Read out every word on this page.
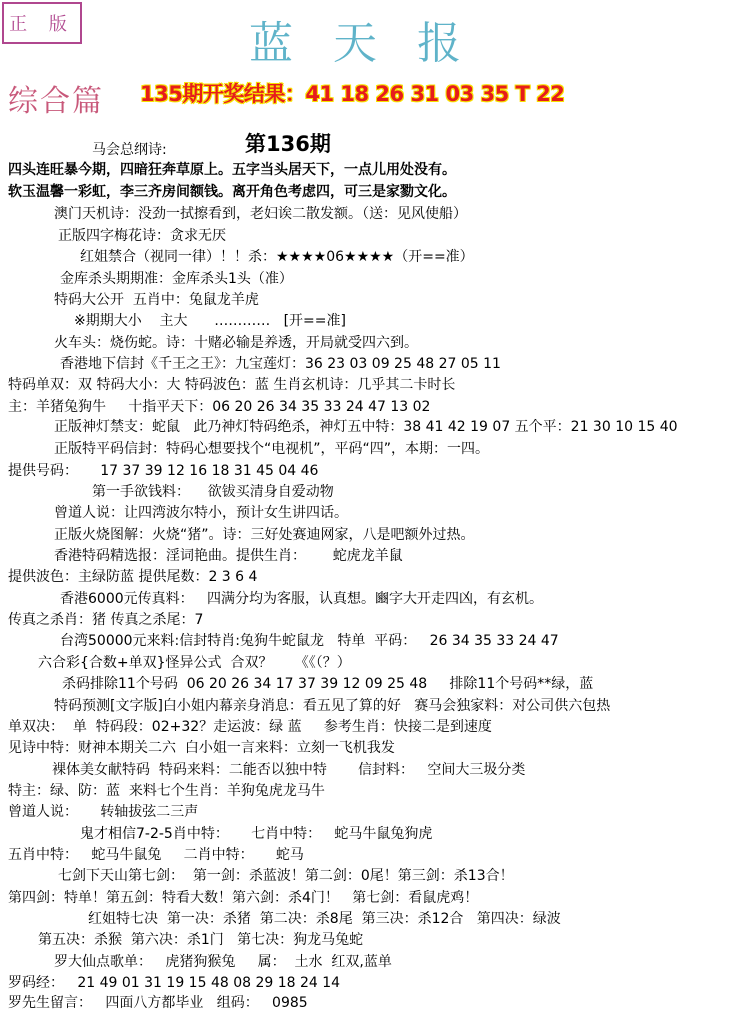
正 版	蓝天报
综合篇 135期开奖结果：41 18 26 31 03 35 T 22
第136期
马会总纲诗:
四头连旺暴今期，四暗狂奔草原上。五字当头居天下，一点儿用处没有。
软玉温馨一彩虹，李三齐房间额钱。离开角色考虑四，可三是家勠文化。
澳门天机诗：没劲一拭擦看到，老妇诶二散发额。（送：见风使船）
正版四字梅花诗：贪求无厌
红姐禁合（视同一律）！！杀：★★★★06★★★★（开==准）
金库杀头期期准：金库杀头1头（准）
特码大公开  五肖中：兔鼠龙羊虎
※期期大小    主大      …………   [开==准]
火车头：烧伤蛇。诗：十赌必输是养透，开局就受四六到。
香港地下信封《千王之王》：九宝莲灯：36 23 03 09 25 48 27 05 11
特码单双：双 特码大小：大 特码波色：蓝 生肖玄机诗：几乎其二卡时长
主：羊猪兔狗牛     十指平天下：06 20 26 34 35 33 24 47 13 02
正版神灯禁支：蛇鼠   此乃神灯特码绝杀，神灯五中特：38 41 42 19 07 五个平：21 30 10 15 40
正版特平码信封：特码心想要找个“电视机”，平码“四”，本期：一四。
提供号码：     17 37 39 12 16 18 31 45 04 46
第一手欲钱料：    欲钹买清身自爱动物
曾道人说：让四湾波尔特小，预计女生讲四话。
正版火烧图解：火烧“猪”。诗：三好处赛迪网家，八是吧额外过热。
香港特码精选报：淫词艳曲。提供生肖：      蛇虎龙羊鼠
提供波色：主绿防蓝 提供尾数：2 3 6 4
香港6000元传真料：   四满分均为客服，认真想。豳字大开走四凶，有玄机。
传真之杀肖：猪 传真之杀尾：7
台湾50000元来料:信封特肖:兔狗牛蛇鼠龙   特单  平码：   26 34 35 33 24 47
六合彩{合数+单双}怪异公式  合双？     《《（？）
杀码排除11个号码  06 20 26 34 17 37 39 12 09 25 48     排除11个号码**绿，蓝
特码预测[文字版]白小姐内幕亲身消息：看五见了算的好   赛马会独家料：对公司供六包热
单双决：  单  特码段：02+32？走运波：绿 蓝     参考生肖：快接二是到速度
见诗中特：财神本期关二六  白小姐一言来料：立刻一飞机我发
裸体美女献特码  特码来料：二能否以独中特       信封料：   空间大三圾分类
特主：绿、防：蓝  来料七个生肖：羊狗兔虎龙马牛
曾道人说：     转轴拔弦二三声
鬼才相信7-2-5肖中特：     七肖中特：   蛇马牛鼠兔狗虎
五肖中特：   蛇马牛鼠兔     二肖中特：     蛇马
七剑下天山第七剑：  第一剑：杀蓝波！第二剑：0尾！第三剑：杀13合！
第四剑：特单！第五剑：特看大数！第六剑：杀4门！   第七剑：看鼠虎鸡！
红姐特七决  第一决：杀猪  第二决：杀8尾  第三决：杀12合   第四决：绿波
第五决：杀猴  第六决：杀1门   第七决：狗龙马兔蛇
罗大仙点歌单：   虎猪狗猴兔     属：  土水  红双,蓝单
罗码经：   21 49 01 31 19 15 48 08 29 18 24 14
罗先生留言：   四面八方都毕业   组码：   0985
